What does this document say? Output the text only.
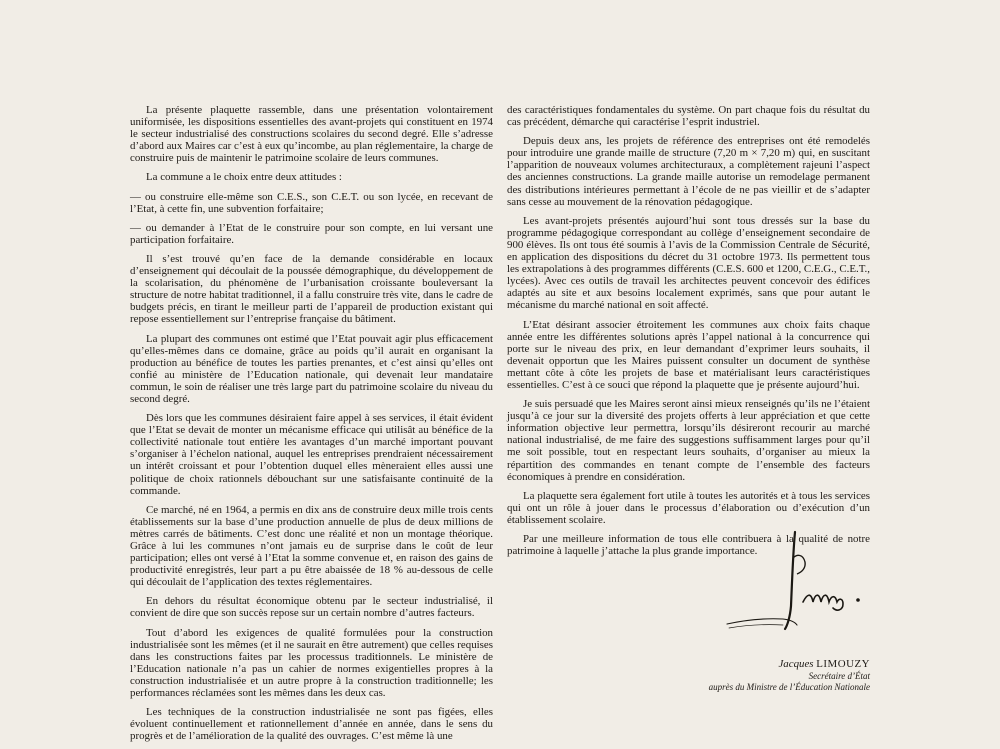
La présente plaquette rassemble, dans une présentation volontairement uniformisée, les dispositions essentielles des avant-projets qui constituent en 1974 le secteur industrialisé des constructions scolaires du second degré. Elle s’adresse d’abord aux Maires car c’est à eux qu’incombe, au plan réglementaire, la charge de construire puis de maintenir le patrimoine scolaire de leurs communes.

La commune a le choix entre deux attitudes :

— ou construire elle-même son C.E.S., son C.E.T. ou son lycée, en recevant de l’Etat, à cette fin, une subvention forfaitaire;

— ou demander à l’Etat de le construire pour son compte, en lui versant une participation forfaitaire.

Il s’est trouvé qu’en face de la demande considérable en locaux d’enseignement qui découlait de la poussée démographique, du développement de la scolarisation, du phénomène de l’urbanisation croissante bouleversant la structure de notre habitat traditionnel, il a fallu construire très vite, dans le cadre de budgets précis, en tirant le meilleur parti de l’appareil de production existant qui repose essentiellement sur l’entreprise française du bâtiment.

La plupart des communes ont estimé que l’Etat pouvait agir plus efficacement qu’elles-mêmes dans ce domaine, grâce au poids qu’il aurait en organisant la production au bénéfice de toutes les parties prenantes, et c’est ainsi qu’elles ont confié au ministère de l’Education nationale, qui devenait leur mandataire commun, le soin de réaliser une très large part du patrimoine scolaire du niveau du second degré.

Dès lors que les communes désiraient faire appel à ses services, il était évident que l’Etat se devait de monter un mécanisme efficace qui utilisât au bénéfice de la collectivité nationale tout entière les avantages d’un marché important pouvant s’organiser à l’échelon national, auquel les entreprises prendraient nécessairement un intérêt croissant et pour l’obtention duquel elles mèneraient elles aussi une politique de choix rationnels débouchant sur une satisfaisante continuité de la commande.

Ce marché, né en 1964, a permis en dix ans de construire deux mille trois cents établissements sur la base d’une production annuelle de plus de deux millions de mètres carrés de bâtiments. C’est donc une réalité et non un montage théorique. Grâce à lui les communes n’ont jamais eu de surprise dans le coût de leur participation; elles ont versé à l’Etat la somme convenue et, en raison des gains de productivité enregistrés, leur part a pu être abaissée de 18 % au-dessous de celle qui découlait de l’application des textes réglementaires.

En dehors du résultat économique obtenu par le secteur industrialisé, il convient de dire que son succès repose sur un certain nombre d’autres facteurs.

Tout d’abord les exigences de qualité formulées pour la construction industrialisée sont les mêmes (et il ne saurait en être autrement) que celles requises dans les constructions faites par les processus traditionnels. Le ministère de l’Education nationale n’a pas un cahier de normes exigentielles propres à la construction industrialisée et un autre propre à la construction traditionnelle; les performances réclamées sont les mêmes dans les deux cas.

Les techniques de la construction industrialisée ne sont pas figées, elles évoluent continuellement et rationnellement d’année en année, dans le sens du progrès et de l’amélioration de la qualité des ouvrages. C’est même là une

des caractéristiques fondamentales du système. On part chaque fois du résultat du cas précédent, démarche qui caractérise l’esprit industriel.

Depuis deux ans, les projets de référence des entreprises ont été remodelés pour introduire une grande maille de structure (7,20 m × 7,20 m) qui, en suscitant l’apparition de nouveaux volumes architecturaux, a complètement rajeuni l’aspect des anciennes constructions. La grande maille autorise un remodelage permanent des distributions intérieures permettant à l’école de ne pas vieillir et de s’adapter sans cesse au mouvement de la rénovation pédagogique.

Les avant-projets présentés aujourd’hui sont tous dressés sur la base du programme pédagogique correspondant au collège d’enseignement secondaire de 900 élèves. Ils ont tous été soumis à l’avis de la Commission Centrale de Sécurité, en application des dispositions du décret du 31 octobre 1973. Ils permettent tous les extrapolations à des programmes différents (C.E.S. 600 et 1200, C.E.G., C.E.T., lycées). Avec ces outils de travail les architectes peuvent concevoir des édifices adaptés au site et aux besoins localement exprimés, sans que pour autant le mécanisme du marché national en soit affecté.

L’Etat désirant associer étroitement les communes aux choix faits chaque année entre les différentes solutions après l’appel national à la concurrence qui porte sur le niveau des prix, en leur demandant d’exprimer leurs souhaits, il devenait opportun que les Maires puissent consulter un document de synthèse mettant côte à côte les projets de base et matérialisant leurs caractéristiques essentielles. C’est à ce souci que répond la plaquette que je présente aujourd’hui.

Je suis persuadé que les Maires seront ainsi mieux renseignés qu’ils ne l’étaient jusqu’à ce jour sur la diversité des projets offerts à leur appréciation et que cette information objective leur permettra, lorsqu’ils désireront recourir au marché national industrialisé, de me faire des suggestions suffisamment larges pour qu’il me soit possible, tout en respectant leurs souhaits, d’organiser au mieux la répartition des commandes en tenant compte de l’ensemble des facteurs économiques à prendre en considération.

La plaquette sera également fort utile à toutes les autorités et à tous les services qui ont un rôle à jouer dans le processus d’élaboration ou d’exécution d’un établissement scolaire.

Par une meilleure information de tous elle contribuera à la qualité de notre patrimoine à laquelle j’attache la plus grande importance.

Jacques LIMOUZY
Secrétaire d’État
auprès du Ministre de l’Éducation Nationale
